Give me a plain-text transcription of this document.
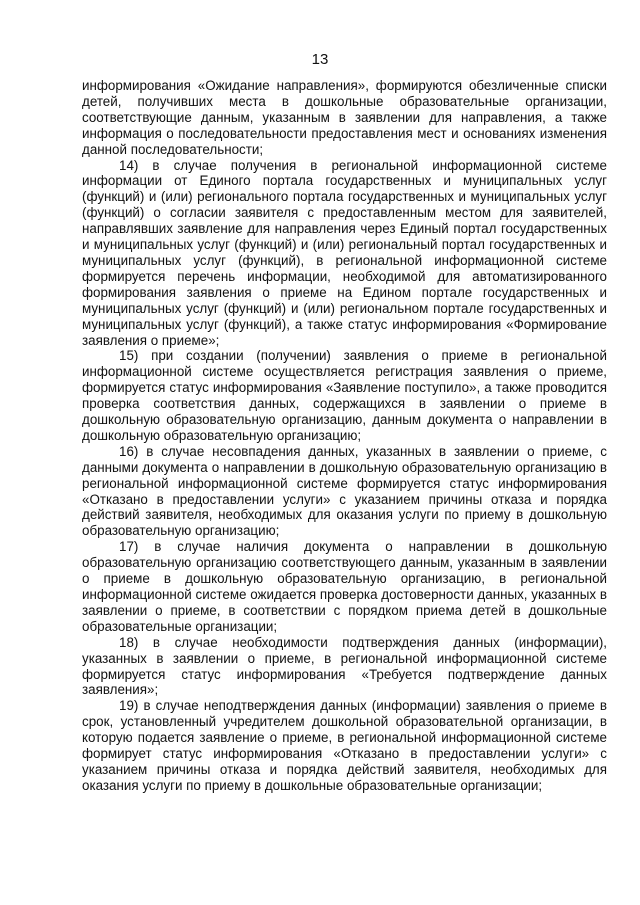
13

информирования «Ожидание направления», формируются обезличенные списки детей, получивших места в дошкольные образовательные организации, соответствующие данным, указанным в заявлении для направления, а также информация о последовательности предоставления мест и основаниях изменения данной последовательности;

14) в случае получения в региональной информационной системе информации от Единого портала государственных и муниципальных услуг (функций) и (или) регионального портала государственных и муниципальных услуг (функций) о согласии заявителя с предоставленным местом для заявителей, направлявших заявление для направления через Единый портал государственных и муниципальных услуг (функций) и (или) региональный портал государственных и муниципальных услуг (функций), в региональной информационной системе формируется перечень информации, необходимой для автоматизированного формирования заявления о приеме на Едином портале государственных и муниципальных услуг (функций) и (или) региональном портале государственных и муниципальных услуг (функций), а также статус информирования «Формирование заявления о приеме»;

15) при создании (получении) заявления о приеме в региональной информационной системе осуществляется регистрация заявления о приеме, формируется статус информирования «Заявление поступило», а также проводится проверка соответствия данных, содержащихся в заявлении о приеме в дошкольную образовательную организацию, данным документа о направлении в дошкольную образовательную организацию;

16) в случае несовпадения данных, указанных в заявлении о приеме, с данными документа о направлении в дошкольную образовательную организацию в региональной информационной системе формируется статус информирования «Отказано в предоставлении услуги» с указанием причины отказа и порядка действий заявителя, необходимых для оказания услуги по приему в дошкольную образовательную организацию;

17) в случае наличия документа о направлении в дошкольную образовательную организацию соответствующего данным, указанным в заявлении о приеме в дошкольную образовательную организацию, в региональной информационной системе ожидается проверка достоверности данных, указанных в заявлении о приеме, в соответствии с порядком приема детей в дошкольные образовательные организации;

18) в случае необходимости подтверждения данных (информации), указанных в заявлении о приеме, в региональной информационной системе формируется статус информирования «Требуется подтверждение данных заявления»;

19) в случае неподтверждения данных (информации) заявления о приеме в срок, установленный учредителем дошкольной образовательной организации, в которую подается заявление о приеме, в региональной информационной системе формирует статус информирования «Отказано в предоставлении услуги» с указанием причины отказа и порядка действий заявителя, необходимых для оказания услуги по приему в дошкольные образовательные организации;
